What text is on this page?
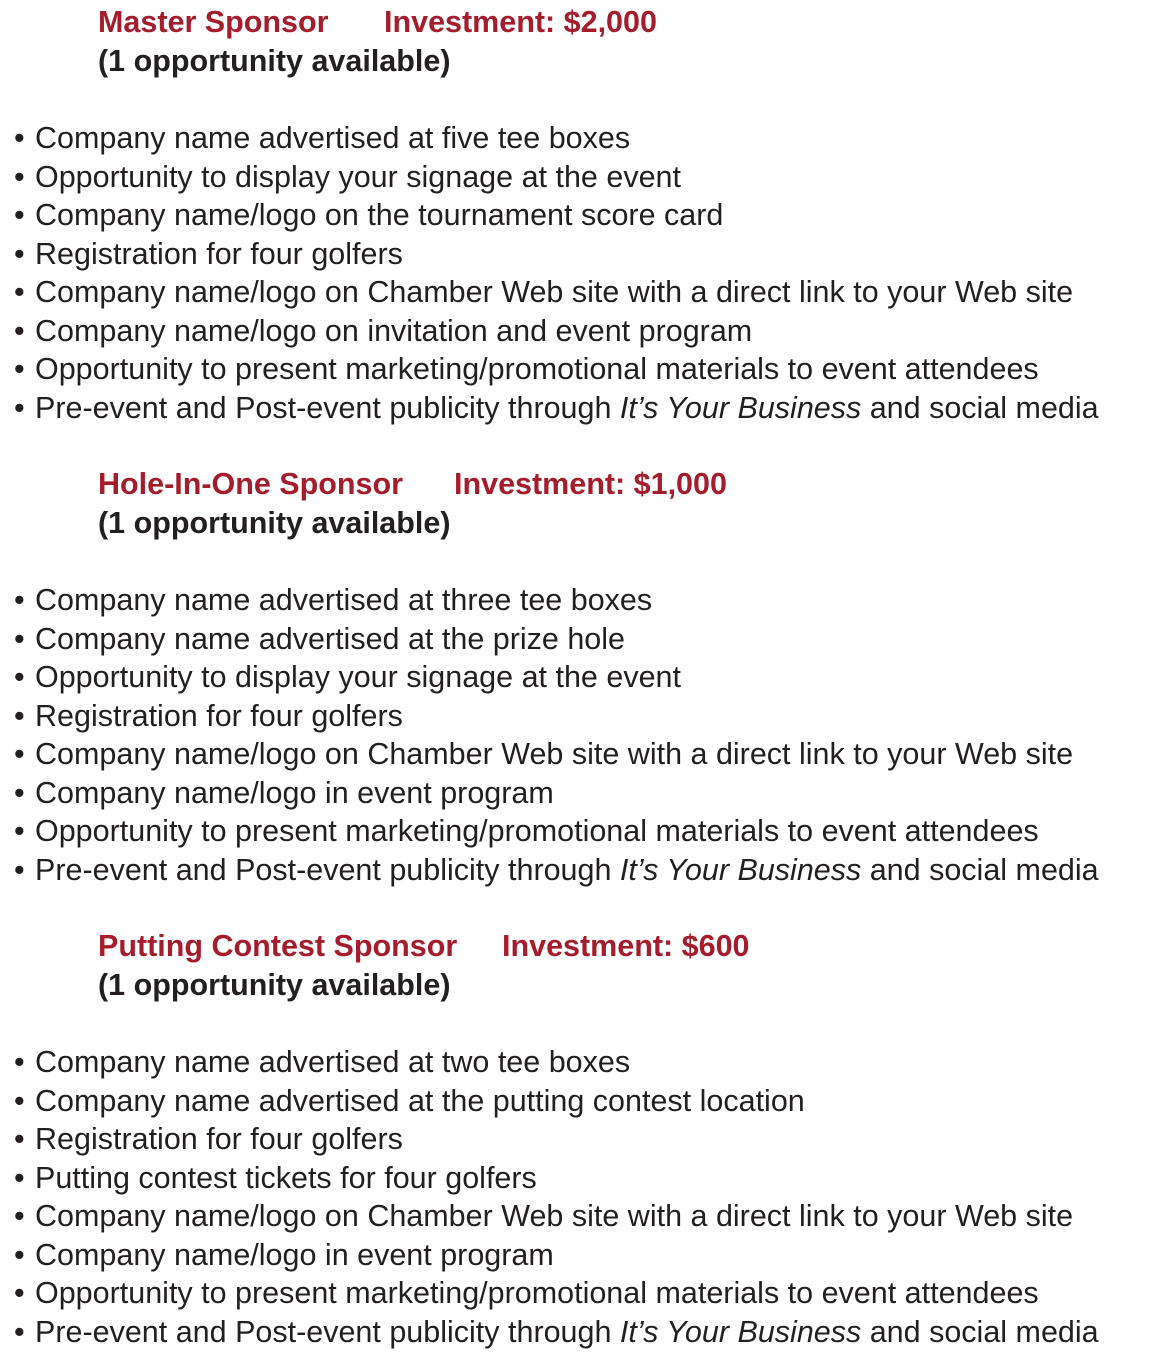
Master Sponsor Investment: $2,000
(1 opportunity available)
• Company name advertised at five tee boxes
• Opportunity to display your signage at the event
• Company name/logo on the tournament score card
• Registration for four golfers
• Company name/logo on Chamber Web site with a direct link to your Web site
• Company name/logo on invitation and event program
• Opportunity to present marketing/promotional materials to event attendees
• Pre-event and Post-event publicity through It’s Your Business and social media
Hole-In-One Sponsor Investment: $1,000
(1 opportunity available)
• Company name advertised at three tee boxes
• Company name advertised at the prize hole
• Opportunity to display your signage at the event
• Registration for four golfers
• Company name/logo on Chamber Web site with a direct link to your Web site
• Company name/logo in event program
• Opportunity to present marketing/promotional materials to event attendees
• Pre-event and Post-event publicity through It’s Your Business and social media
Putting Contest Sponsor Investment: $600
(1 opportunity available)
• Company name advertised at two tee boxes
• Company name advertised at the putting contest location
• Registration for four golfers
• Putting contest tickets for four golfers
• Company name/logo on Chamber Web site with a direct link to your Web site
• Company name/logo in event program
• Opportunity to present marketing/promotional materials to event attendees
• Pre-event and Post-event publicity through It’s Your Business and social media
